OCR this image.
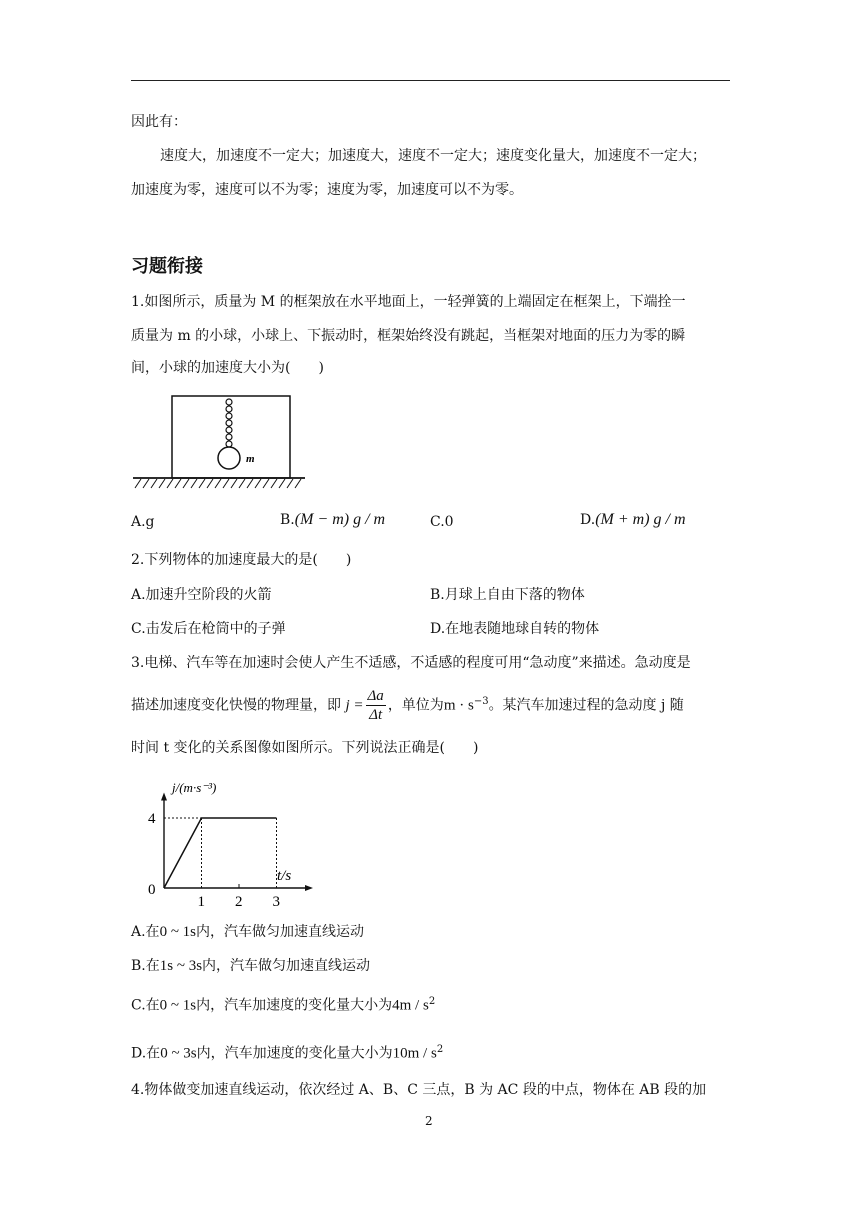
因此有：
速度大，加速度不一定大；加速度大，速度不一定大；速度变化量大，加速度不一定大；
加速度为零，速度可以不为零；速度为零，加速度可以不为零。
习题衔接
1.如图所示，质量为 M 的框架放在水平地面上，一轻弹簧的上端固定在框架上，下端拴一
质量为 m 的小球，小球上、下振动时，框架始终没有跳起，当框架对地面的压力为零的瞬
间，小球的加速度大小为(　　)
m
A.g	B.(M − m) g / m	C.0	D.(M + m) g / m
2.下列物体的加速度最大的是(　　)
A.加速升空阶段的火箭	B.月球上自由下落的物体
C.击发后在枪筒中的子弹	D.在地表随地球自转的物体
3.电梯、汽车等在加速时会使人产生不适感，不适感的程度可用“急动度”来描述。急动度是
描述加速度变化快慢的物理量，即 $j = \frac{\Delta a}{\Delta t}$ ，单位为$m \cdot s^{-3}$。某汽车加速过程的急动度 j 随
时间 t 变化的关系图像如图所示。下列说法正确是(　　)
0
1 2 3
4
t/s
j/(m·s⁻³)
A.在0 ~ 1s内，汽车做匀加速直线运动
B.在1s ~ 3s内，汽车做匀加速直线运动
C.在0 ~ 1s内，汽车加速度的变化量大小为$4m / s^2$
D.在0 ~ 3s内，汽车加速度的变化量大小为$10m / s^2$
4.物体做变加速直线运动，依次经过 A、B、C 三点，B 为 AC 段的中点，物体在 AB 段的加
2
